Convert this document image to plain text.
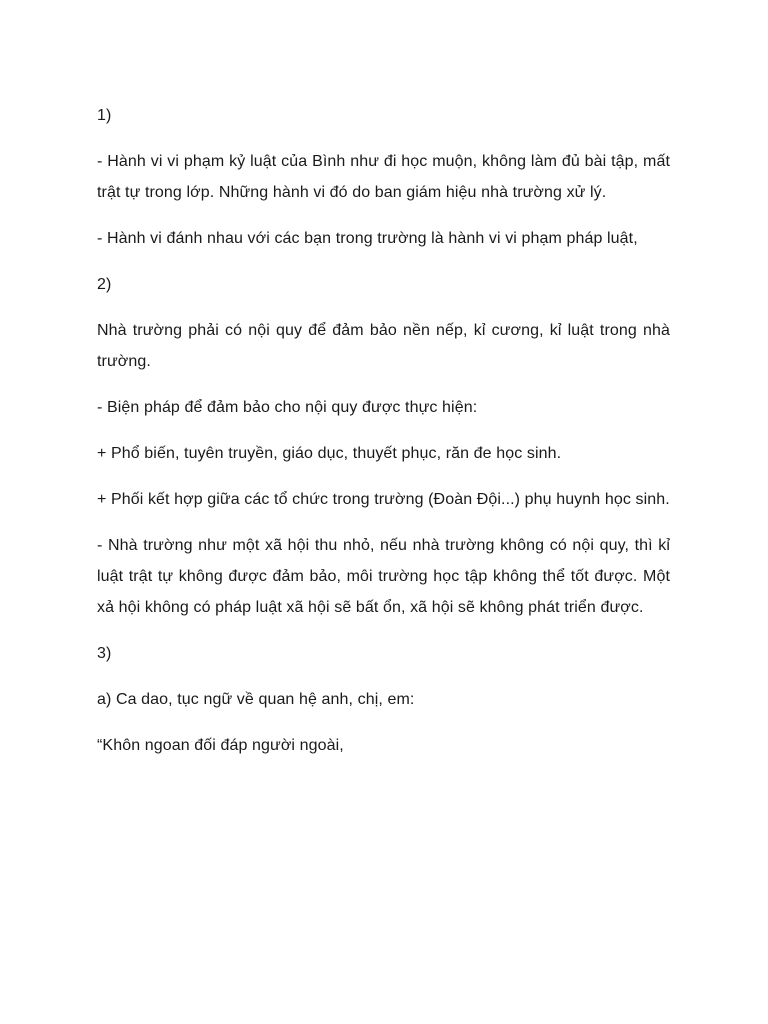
1)

- Hành vi vi phạm kỷ luật của Bình như đi học muộn, không làm đủ bài tập, mất trật tự trong lớp. Những hành vi đó do ban giám hiệu nhà trường xử lý.

- Hành vi đánh nhau với các bạn trong trường là hành vi vi phạm pháp luật,

2)

Nhà trường phải có nội quy để đảm bảo nền nếp, kỉ cương, kỉ luật trong nhà trường.

- Biện pháp để đảm bảo cho nội quy được thực hiện:

+ Phổ biến, tuyên truyền, giáo dục, thuyết phục, răn đe học sinh.

+ Phối kết hợp giữa các tổ chức trong trường (Đoàn Đội...) phụ huynh học sinh.

- Nhà trường như một xã hội thu nhỏ, nếu nhà trường không có nội quy, thì kỉ luật trật tự không được đảm bảo, môi trường học tập không thể tốt được. Một xả hội không có pháp luật xã hội sẽ bất ổn, xã hội sẽ không phát triển được.

3)

a) Ca dao, tục ngữ về quan hệ anh, chị, em:

“Khôn ngoan đối đáp người ngoài,
